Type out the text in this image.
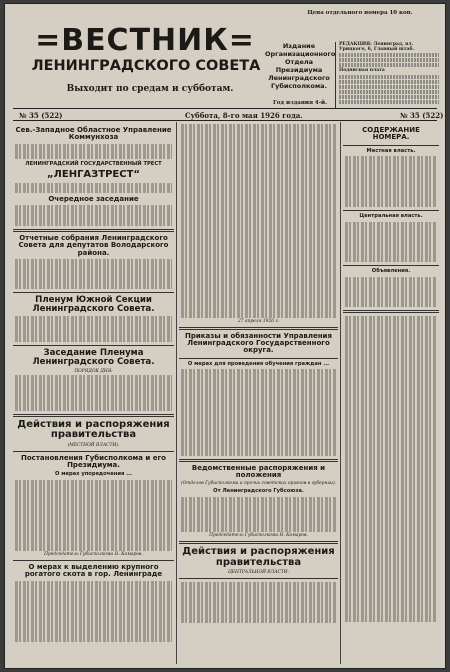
Цена отдельного номера 10 коп.
=ВЕСТНИК=
ЛЕНИНГРАДСКОГО СОВЕТА
Выходит по средам и субботам.
Издание Организационного Отдела Президиума Ленинградского Губисполкома.
Год издания 4-й.
РЕДАКЦИЯ: Ленинград, пл. Урицкого, 6, Главный штаб.
Подписная плата
№ 35 (522)	Суббота, 8-го мая 1926 года.	№ 35 (522)
Сев.-Западное Областное Управление Коммунхоза
ЛЕНИНГРАДСКИЙ ГОСУДАРСТВЕННЫЙ ТРЕСТ
„ЛЕНГАЗТРЕСТ“
Очередное заседание
Отчетные собрания Ленинградского Совета для депутатов Володарского района.
Пленум Южной Секции Ленинградского Совета.
Заседание Пленума Ленинградского Совета.
ПОРЯДОК ДНЯ:
Действия и распоряжения правительства
(МЕСТНОЙ ВЛАСТИ).
Постановления Губисполкома и его Президиума.
О мерах упорядочения ...
Председатель Губисполкома Н. Комаров.
О мерах к выделению крупного рогатого скота в гор. Ленинграде
27 апреля 1926 г.
Приказы и обязанности Управления Ленинградского Государственного округа.
О мерах для проведения обучения граждан ...
Ведомственные распоряжения и положения
(Отделов Губисполкома и прочих советских органов в губернии).
От Ленинградского Губсоюза.
Председатель Губисполкома Н. Комаров.
Действия и распоряжения правительства
ЦЕНТРАЛЬНОЙ ВЛАСТИ.
СОДЕРЖАНИЕ НОМЕРА.
Местная власть.
Центральная власть.
Объявления.
